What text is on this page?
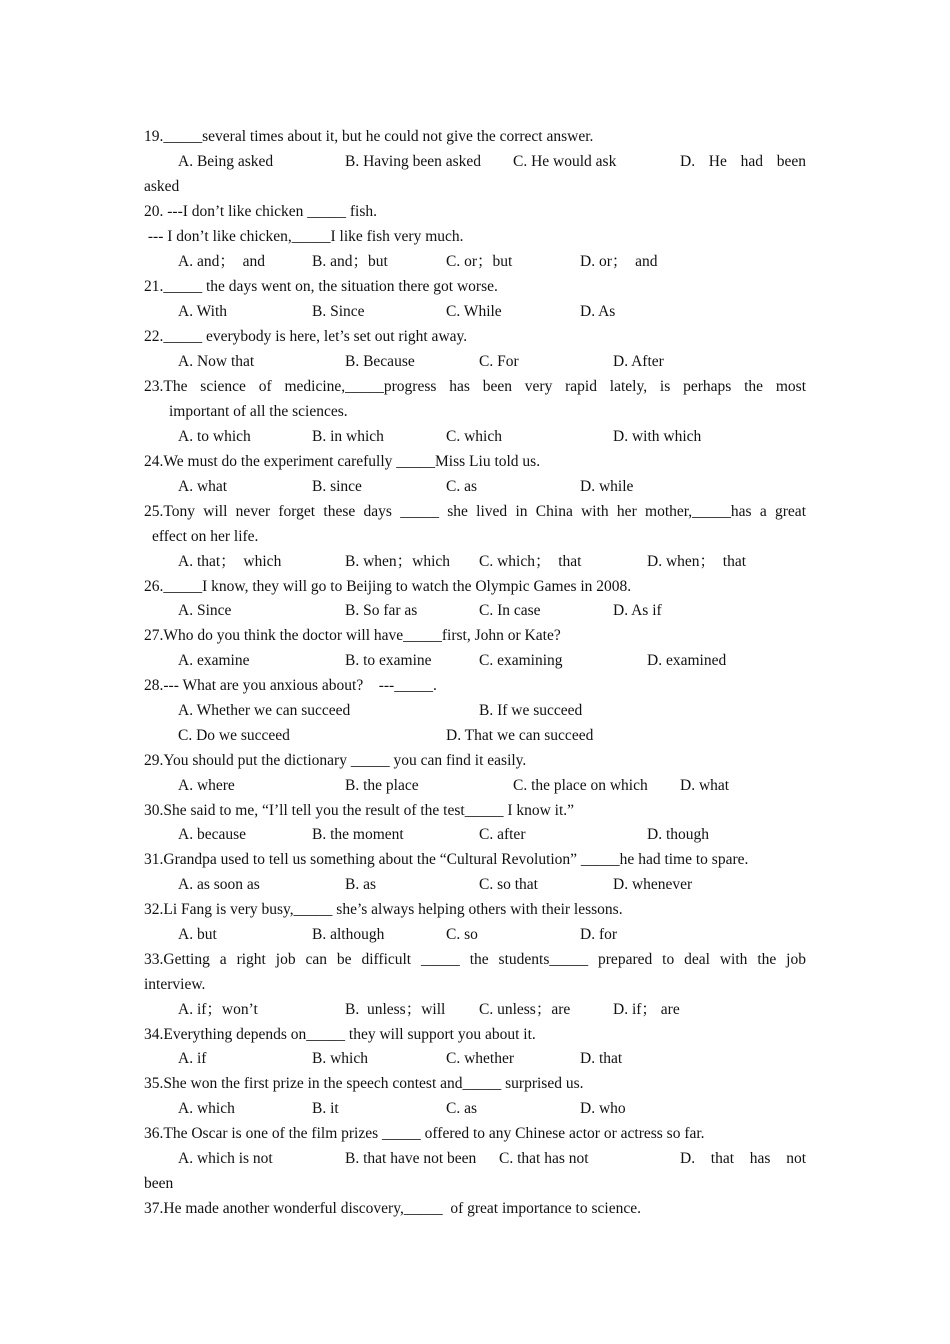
19._____several times about it, but he could not give the correct answer.
A. Being asked	B. Having been asked C. He would ask	D. He had been
asked
20. ---I don’t like chicken _____ fish.
--- I don’t like chicken,_____I like fish very much.
A. and；  and	B. and；but	C. or；but	D. or；  and
21._____ the days went on, the situation there got worse.
A. With	B. Since	C. While	D. As
22._____ everybody is here, let’s set out right away.
A. Now that	B. Because	C. For	D. After
23.The science of medicine,_____progress has been very rapid lately, is perhaps the most
important of all the sciences.
A. to which	B. in which	C. which	D. with which
24.We must do the experiment carefully _____Miss Liu told us.
A. what	B. since	C. as	D. while
25.Tony will never forget these days _____ she lived in China with her mother,_____has a great
effect on her life.
A. that；  which	B. when；which C. which；  that	D. when；  that
26._____I know, they will go to Beijing to watch the Olympic Games in 2008.
A. Since	B. So far as	C. In case	D. As if
27.Who do you think the doctor will have_____first, John or Kate?
A. examine	B. to examine	C. examining	D. examined
28.--- What are you anxious about?    ---_____.
A. Whether we can succeed	B. If we succeed
C. Do we succeed	D. That we can succeed
29.You should put the dictionary _____ you can find it easily.
A. where	B. the place	C. the place on which D. what
30.She said to me, “I’ll tell you the result of the test_____ I know it.”
A. because	B. the moment	C. after	D. though
31.Grandpa used to tell us something about the “Cultural Revolution” _____he had time to spare.
A. as soon as	B. as	C. so that	D. whenever
32.Li Fang is very busy,_____ she’s always helping others with their lessons.
A. but	B. although	C. so	D. for
33.Getting a right job can be difficult _____ the students_____ prepared to deal with the job
interview.
A. if；won’t	B.  unless；will C. unless；are	D. if； are
34.Everything depends on_____ they will support you about it.
A. if	B. which	C. whether	D. that
35.She won the first prize in the speech contest and_____ surprised us.
A. which	B. it	C. as	D. who
36.The Oscar is one of the film prizes _____ offered to any Chinese actor or actress so far.
A. which is not	B. that have not been C. that has not	D. that has not
been
37.He made another wonderful discovery,_____  of great importance to science.
